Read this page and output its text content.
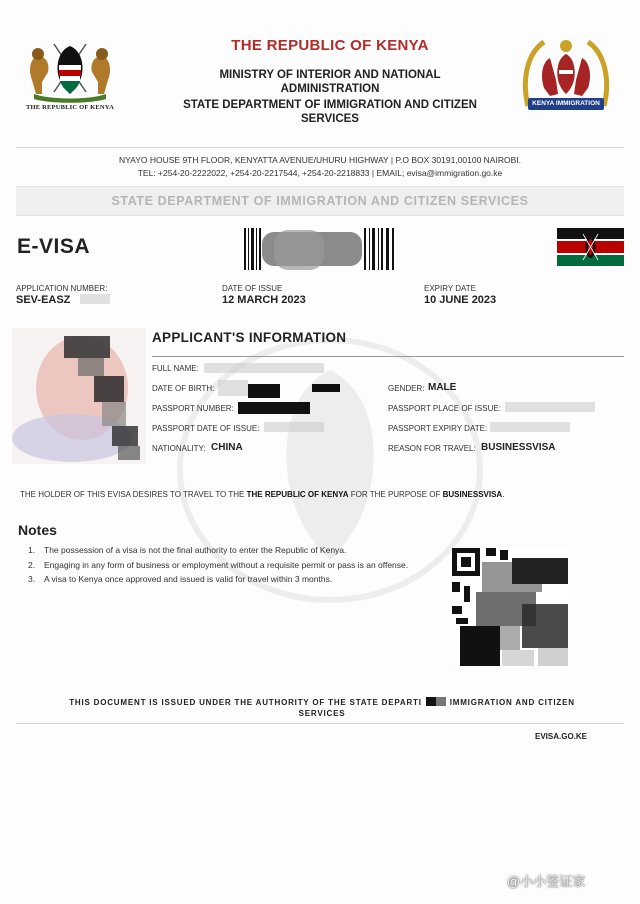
THE REPUBLIC OF KENYA
THE REPUBLIC OF KENYA
MINISTRY OF INTERIOR AND NATIONAL
ADMINISTRATION
STATE DEPARTMENT OF IMMIGRATION AND CITIZEN
SERVICES
KENYA IMMIGRATION
NYAYO HOUSE 9TH FLOOR, KENYATTA AVENUE/UHURU HIGHWAY | P.O BOX 30191,00100 NAIROBI.
TEL: +254-20-2222022, +254-20-2217544, +254-20-2218833 | EMAIL; evisa@immigration.go.ke
STATE DEPARTMENT OF IMMIGRATION AND CITIZEN SERVICES
E-VISA
APPLICATION NUMBER:
SEV-EASZ
DATE OF ISSUE
12 MARCH 2023
EXPIRY DATE
10 JUNE 2023
APPLICANT'S INFORMATION
FULL NAME:
DATE OF BIRTH:	GENDER: MALE
PASSPORT NUMBER:	PASSPORT PLACE OF ISSUE:
PASSPORT DATE OF ISSUE:	PASSPORT EXPIRY DATE:
NATIONALITY: CHINA	REASON FOR TRAVEL: BUSINESSVISA
THE HOLDER OF THIS EVISA DESIRES TO TRAVEL TO THE THE REPUBLIC OF KENYA FOR THE PURPOSE OF BUSINESSVISA.
Notes
1. The possession of a visa is not the final authority to enter the Republic of Kenya.
2. Engaging in any form of business or employment without a requisite permit or pass is an offense.
3. A visa to Kenya once approved and issued is valid for travel within 3 months.
THIS DOCUMENT IS ISSUED UNDER THE AUTHORITY OF THE STATE DEPARTI	IMMIGRATION AND CITIZEN
SERVICES
EVISA.GO.KE
@小小签证家
